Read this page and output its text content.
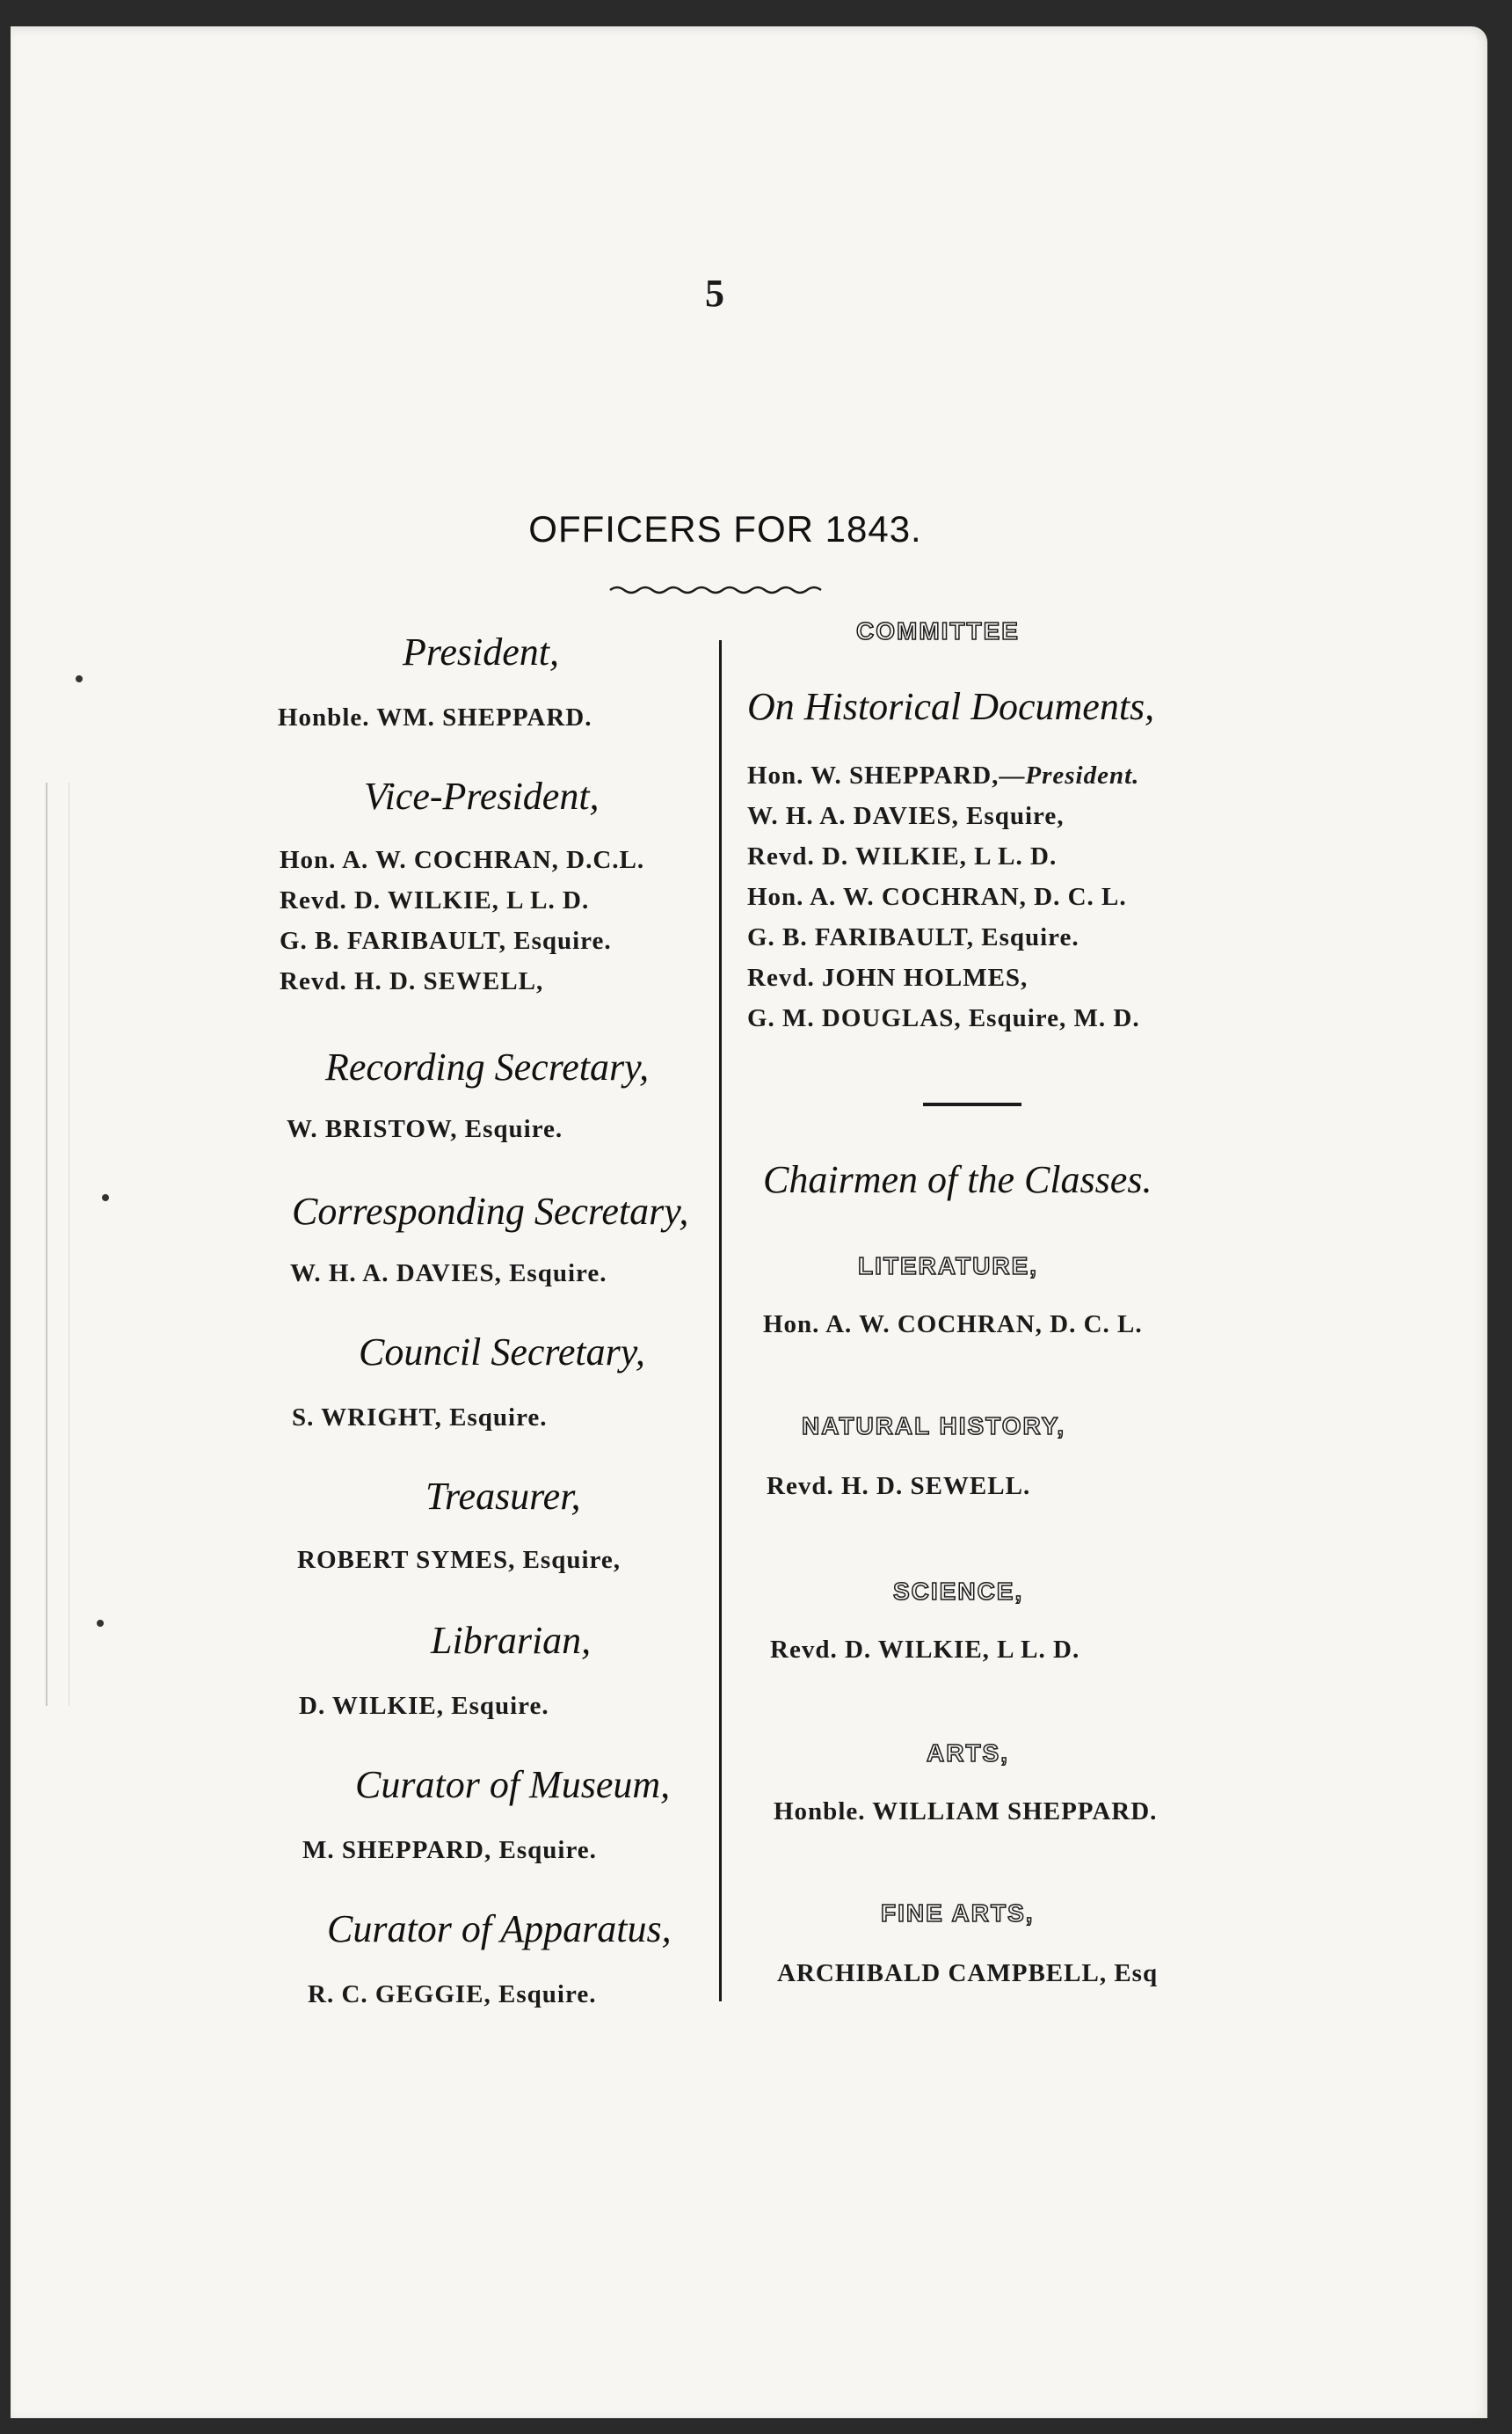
5
OFFICERS FOR 1843.
President,
Honble. WM. SHEPPARD.
Vice-President,
Hon. A. W. COCHRAN, D.C.L.
Revd. D. WILKIE, L L. D.
G. B. FARIBAULT, Esquire.
Revd. H. D. SEWELL,
Recording Secretary,
W. BRISTOW, Esquire.
Corresponding Secretary,
W. H. A. DAVIES, Esquire.
Council Secretary,
S. WRIGHT, Esquire.
Treasurer,
ROBERT SYMES, Esquire,
Librarian,
D. WILKIE, Esquire.
Curator of Museum,
M. SHEPPARD, Esquire.
Curator of Apparatus,
R. C. GEGGIE, Esquire.
COMMITTEE
On Historical Documents,
Hon. W. SHEPPARD,—President.
W. H. A. DAVIES, Esquire,
Revd. D. WILKIE, L L. D.
Hon. A. W. COCHRAN, D. C. L.
G. B. FARIBAULT, Esquire.
Revd. JOHN HOLMES,
G. M. DOUGLAS, Esquire, M. D.
Chairmen of the Classes.
LITERATURE,
Hon. A. W. COCHRAN, D. C. L.
NATURAL HISTORY,
Revd. H. D. SEWELL.
SCIENCE,
Revd. D. WILKIE, L L. D.
ARTS,
Honble. WILLIAM SHEPPARD.
FINE ARTS,
ARCHIBALD CAMPBELL, Esq
